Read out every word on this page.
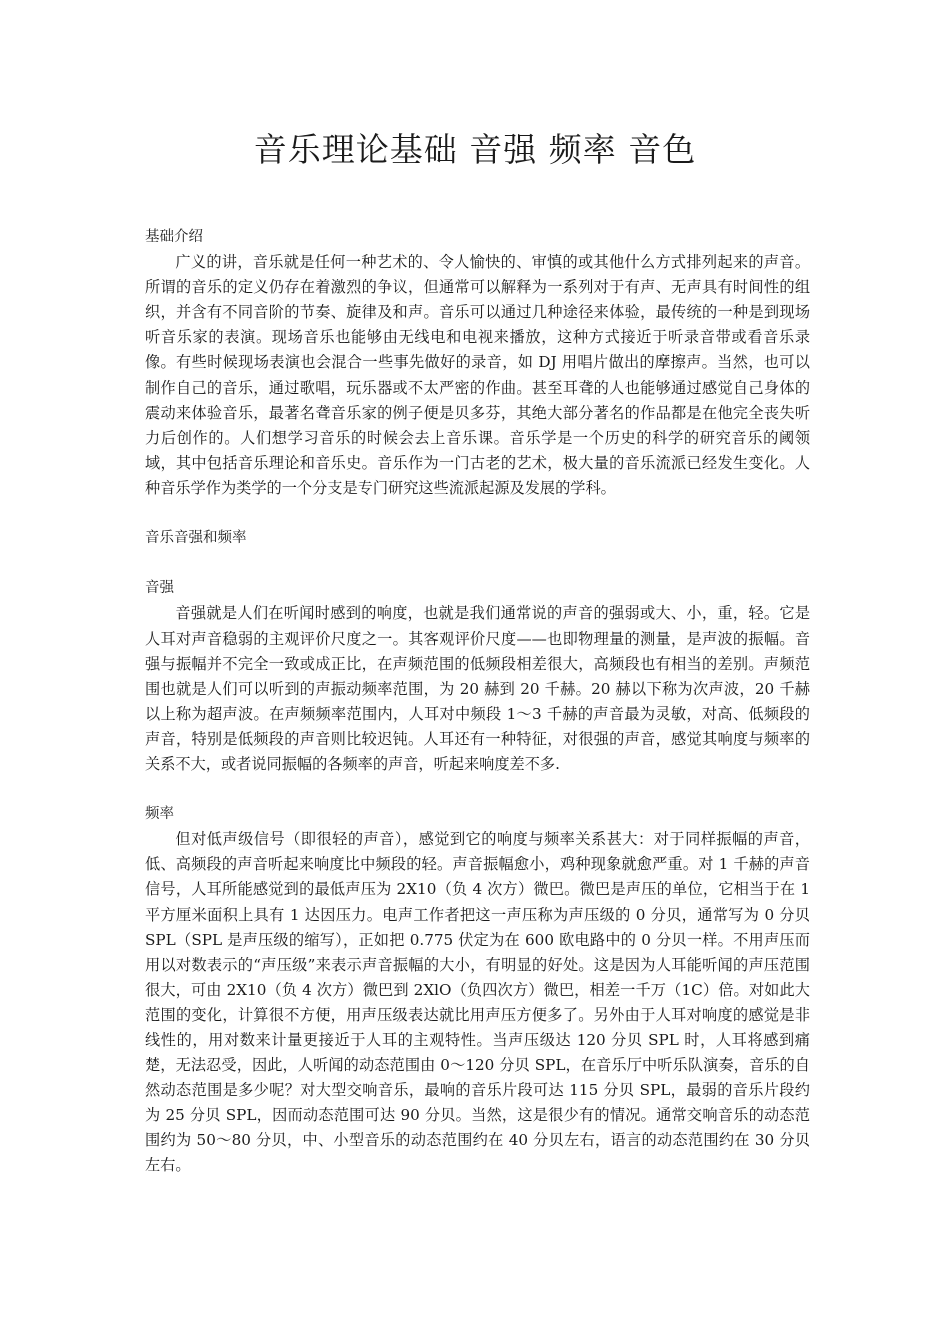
音乐理论基础 音强 频率 音色

基础介绍

广义的讲，音乐就是任何一种艺术的、令人愉快的、审慎的或其他什么方式排列起来的声音。所谓的音乐的定义仍存在着激烈的争议，但通常可以解释为一系列对于有声、无声具有时间性的组织，并含有不同音阶的节奏、旋律及和声。音乐可以通过几种途径来体验，最传统的一种是到现场听音乐家的表演。现场音乐也能够由无线电和电视来播放，这种方式接近于听录音带或看音乐录像。有些时候现场表演也会混合一些事先做好的录音，如 DJ 用唱片做出的摩擦声。当然，也可以制作自己的音乐，通过歌唱，玩乐器或不太严密的作曲。甚至耳聋的人也能够通过感觉自己身体的震动来体验音乐，最著名聋音乐家的例子便是贝多芬，其绝大部分著名的作品都是在他完全丧失听力后创作的。人们想学习音乐的时候会去上音乐课。音乐学是一个历史的科学的研究音乐的阈领域，其中包括音乐理论和音乐史。音乐作为一门古老的艺术，极大量的音乐流派已经发生变化。人种音乐学作为类学的一个分支是专门研究这些流派起源及发展的学科。

音乐音强和频率

音强

音强就是人们在听闻时感到的响度，也就是我们通常说的声音的强弱或大、小，重，轻。它是人耳对声音稳弱的主观评价尺度之一。其客观评价尺度——也即物理量的测量，是声波的振幅。音强与振幅并不完全一致或成正比，在声频范围的低频段相差很大，高频段也有相当的差别。声频范围也就是人们可以听到的声振动频率范围，为 20 赫到 20 千赫。20 赫以下称为次声波，20 千赫以上称为超声波。在声频频率范围内，人耳对中频段 1～3 千赫的声音最为灵敏，对高、低频段的声音，特别是低频段的声音则比较迟钝。人耳还有一种特征，对很强的声音，感觉其响度与频率的关系不大，或者说同振幅的各频率的声音，听起来响度差不多.

频率

但对低声级信号（即很轻的声音），感觉到它的响度与频率关系甚大：对于同样振幅的声音，低、高频段的声音听起来响度比中频段的轻。声音振幅愈小，鸡种现象就愈严重。对 1 千赫的声音信号，人耳所能感觉到的最低声压为 2X10（负 4 次方）微巴。微巴是声压的单位，它相当于在 1 平方厘米面积上具有 1 达因压力。电声工作者把这一声压称为声压级的 0 分贝，通常写为 0 分贝 SPL（SPL 是声压级的缩写），正如把 0.775 伏定为在 600 欧电路中的 0 分贝一样。不用声压而用以对数表示的“声压级”来表示声音振幅的大小，有明显的好处。这是因为人耳能听闻的声压范围很大，可由 2X10（负 4 次方）微巴到 2XlO（负四次方）微巴，相差一千万（1C）倍。对如此大范围的变化，计算很不方便，用声压级表达就比用声压方便多了。另外由于人耳对响度的感觉是非线性的，用对数来计量更接近于人耳的主观特性。当声压级达 120 分贝 SPL 时，人耳将感到痛楚，无法忍受，因此，人听闻的动态范围由 0～120 分贝 SPL，在音乐厅中听乐队演奏，音乐的自然动态范围是多少呢？对大型交响音乐，最响的音乐片段可达 115 分贝 SPL，最弱的音乐片段约为 25 分贝 SPL，因而动态范围可达 90 分贝。当然，这是很少有的情况。通常交响音乐的动态范围约为 50～80 分贝，中、小型音乐的动态范围约在 40 分贝左右，语言的动态范围约在 30 分贝左右。
